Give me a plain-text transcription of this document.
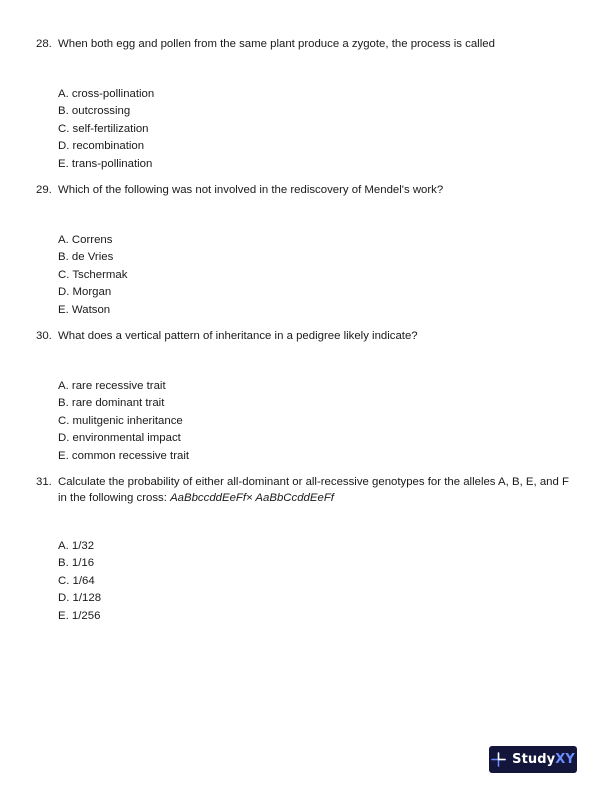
28. When both egg and pollen from the same plant produce a zygote, the process is called
A. cross-pollination
B. outcrossing
C. self-fertilization
D. recombination
E. trans-pollination
29. Which of the following was not involved in the rediscovery of Mendel's work?
A. Correns
B. de Vries
C. Tschermak
D. Morgan
E. Watson
30. What does a vertical pattern of inheritance in a pedigree likely indicate?
A. rare recessive trait
B. rare dominant trait
C. mulitgenic inheritance
D. environmental impact
E. common recessive trait
31. Calculate the probability of either all-dominant or all-recessive genotypes for the alleles A, B, E, and F in the following cross: AaBbccddEeFf× AaBbCcddEeFf
A. 1/32
B. 1/16
C. 1/64
D. 1/128
E. 1/256
StudyXY
